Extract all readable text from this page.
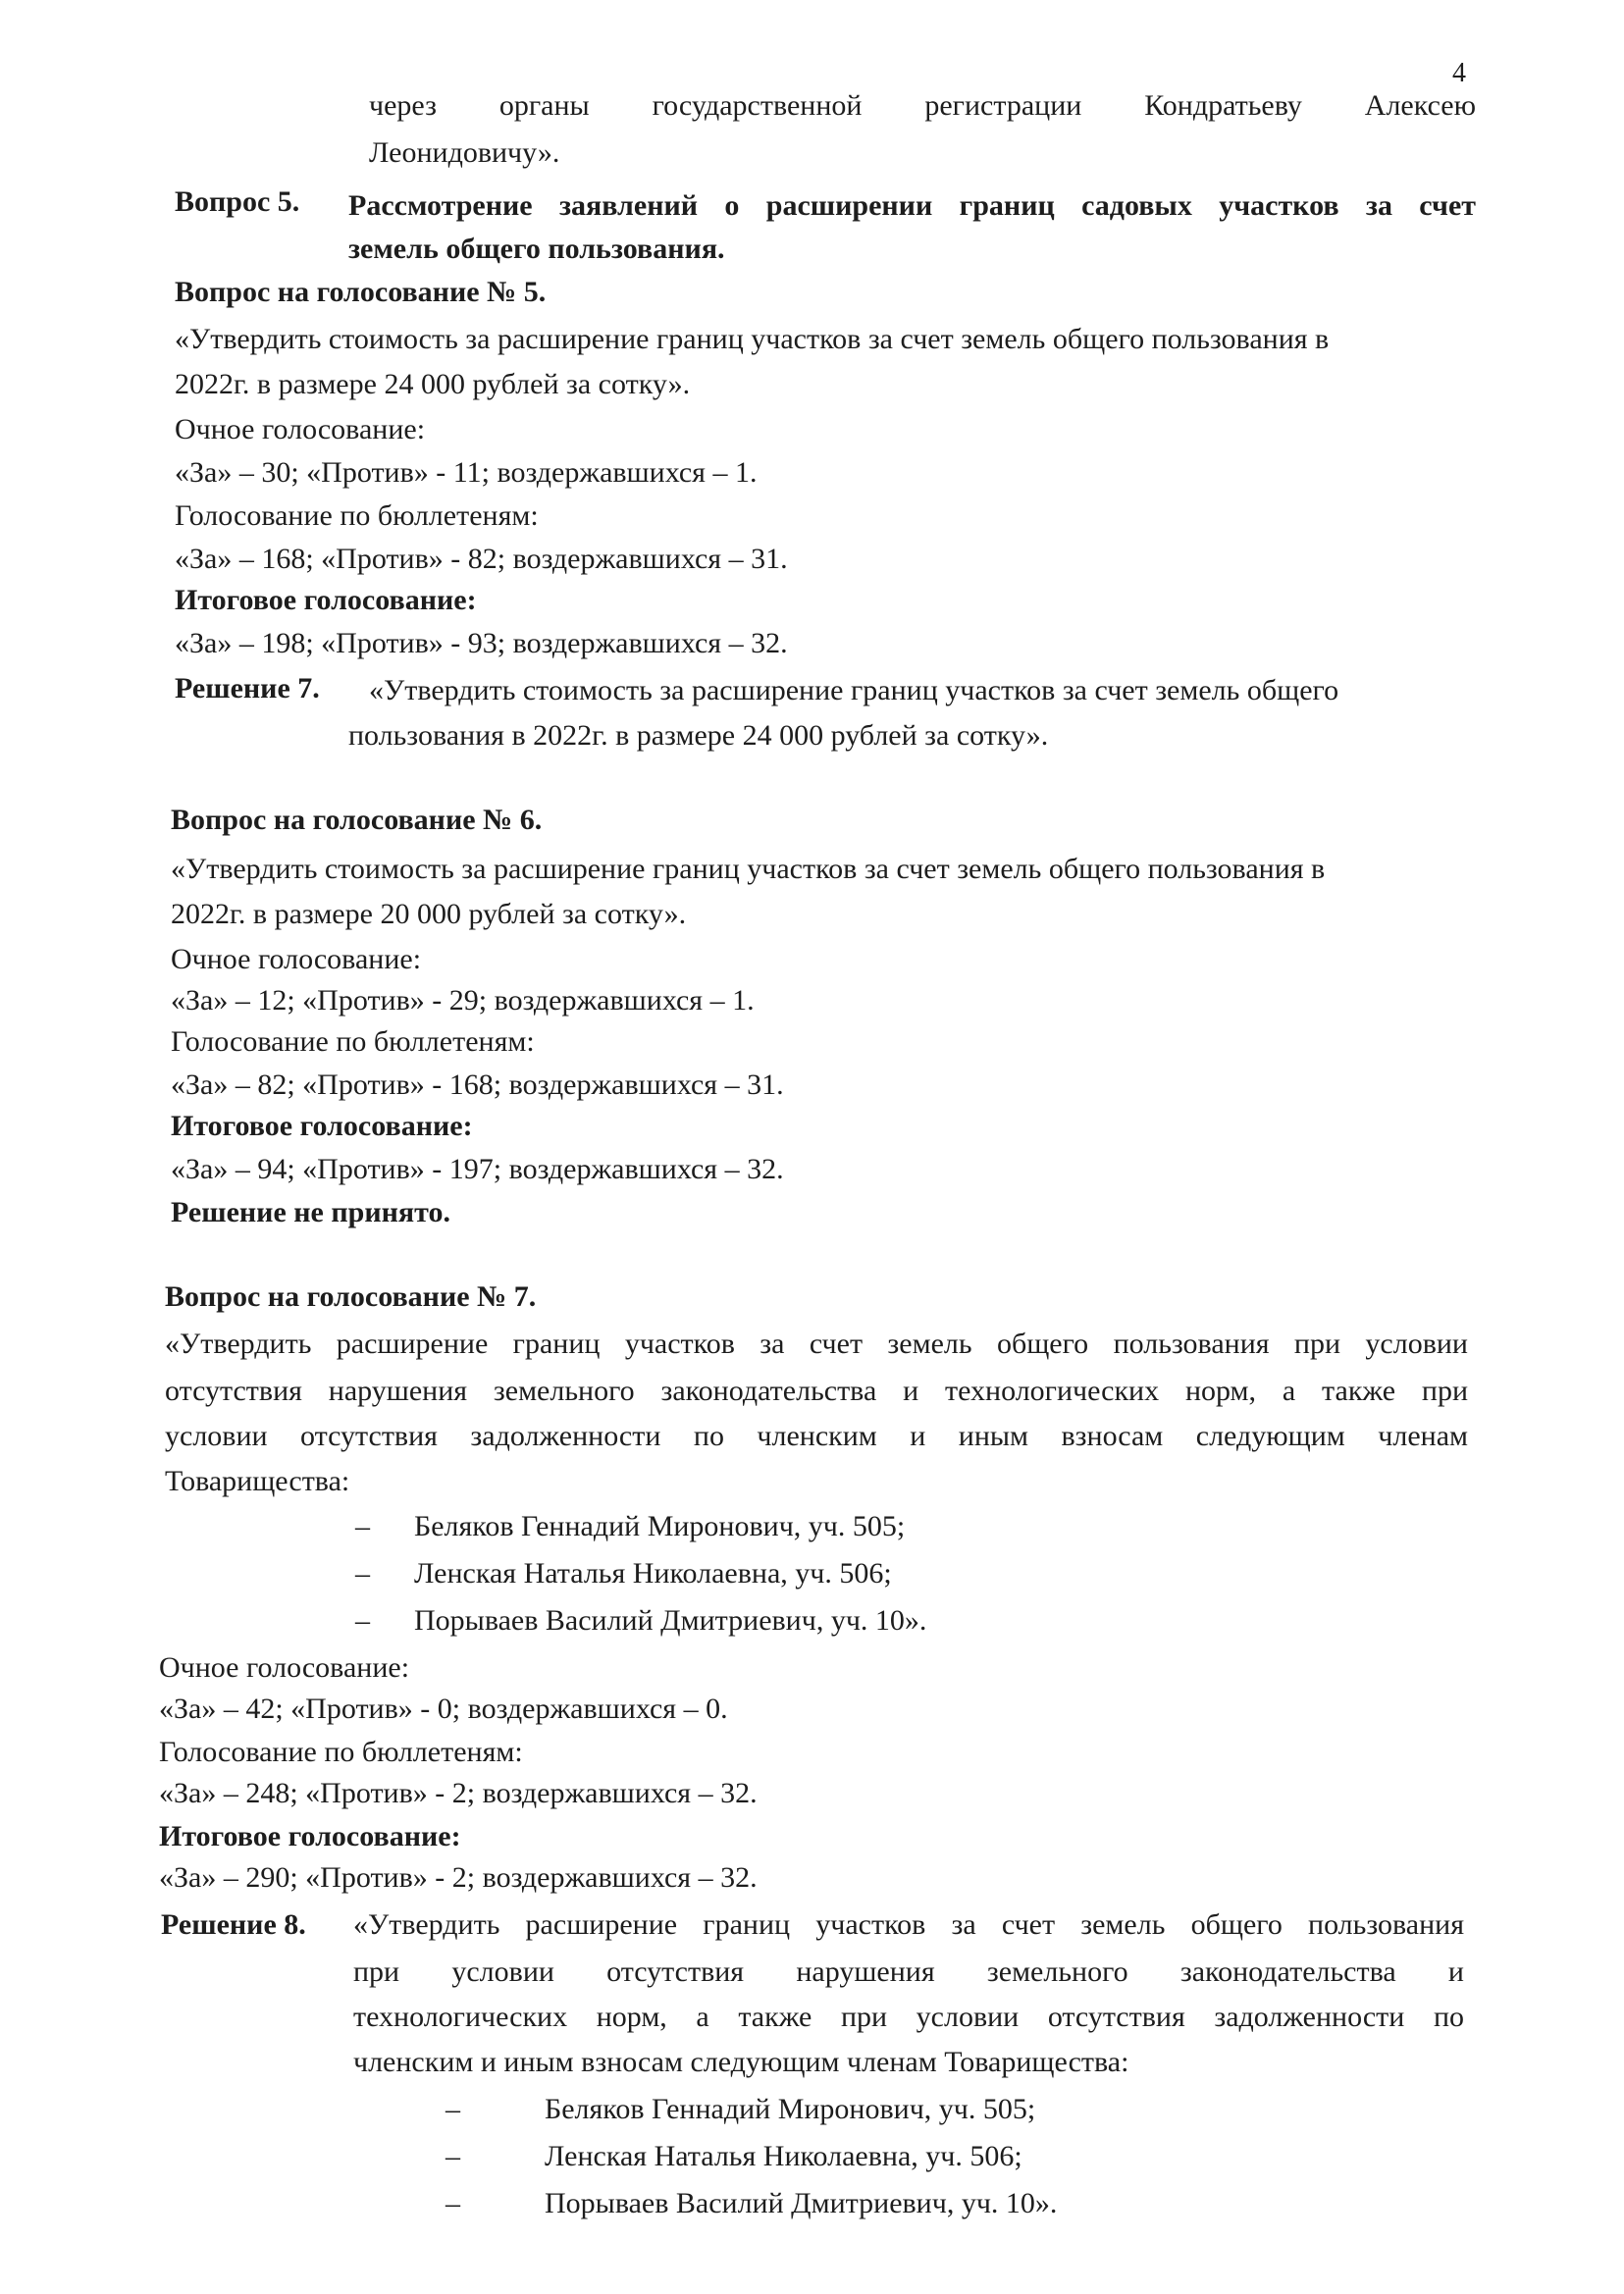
4
через органы государственной регистрации Кондратьеву Алексею
Леонидовичу».
Вопрос 5. Рассмотрение заявлений о расширении границ садовых участков за счет
земель общего пользования.
Вопрос на голосование № 5.
«Утвердить стоимость за расширение границ участков за счет земель общего пользования в
2022г. в размере 24 000 рублей за сотку».
Очное голосование:
«За» – 30; «Против» - 11; воздержавшихся – 1.
Голосование по бюллетеням:
«За» – 168; «Против» - 82; воздержавшихся – 31.
Итоговое голосование:
«За» – 198; «Против» - 93; воздержавшихся – 32.
Решение 7. «Утвердить стоимость за расширение границ участков за счет земель общего
пользования в 2022г. в размере 24 000 рублей за сотку».
Вопрос на голосование № 6.
«Утвердить стоимость за расширение границ участков за счет земель общего пользования в
2022г. в размере 20 000 рублей за сотку».
Очное голосование:
«За» – 12; «Против» - 29; воздержавшихся – 1.
Голосование по бюллетеням:
«За» – 82; «Против» - 168; воздержавшихся – 31.
Итоговое голосование:
«За» – 94; «Против» - 197; воздержавшихся – 32.
Решение не принято.
Вопрос на голосование № 7.
«Утвердить расширение границ участков за счет земель общего пользования при условии
отсутствия нарушения земельного законодательства и технологических норм, а также при
условии отсутствия задолженности по членским и иным взносам следующим членам
Товарищества:
– Беляков Геннадий Миронович, уч. 505;
– Ленская Наталья Николаевна, уч. 506;
– Порываев Василий Дмитриевич, уч. 10».
Очное голосование:
«За» – 42; «Против» - 0; воздержавшихся – 0.
Голосование по бюллетеням:
«За» – 248; «Против» - 2; воздержавшихся – 32.
Итоговое голосование:
«За» – 290; «Против» - 2; воздержавшихся – 32.
Решение 8. «Утвердить расширение границ участков за счет земель общего пользования
при условии отсутствия нарушения земельного законодательства и
технологических норм, а также при условии отсутствия задолженности по
членским и иным взносам следующим членам Товарищества:
–	Беляков Геннадий Миронович, уч. 505;
–	Ленская Наталья Николаевна, уч. 506;
–	Порываев Василий Дмитриевич, уч. 10».
